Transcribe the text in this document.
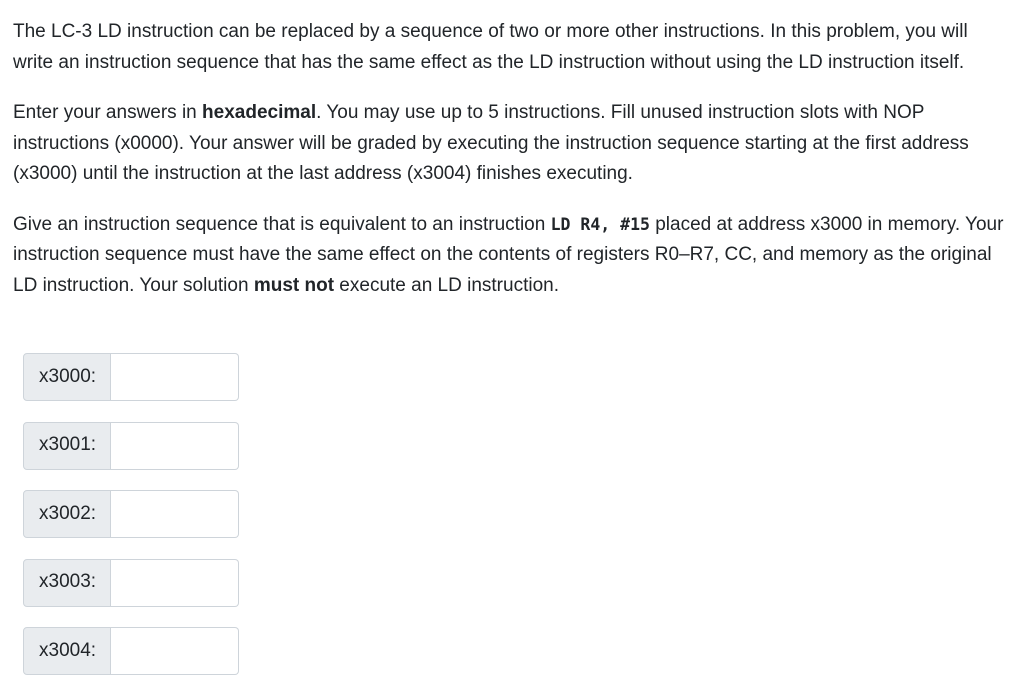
The LC-3 LD instruction can be replaced by a sequence of two or more other instructions. In this problem, you will write an instruction sequence that has the same effect as the LD instruction without using the LD instruction itself.

Enter your answers in hexadecimal. You may use up to 5 instructions. Fill unused instruction slots with NOP instructions (x0000). Your answer will be graded by executing the instruction sequence starting at the first address (x3000) until the instruction at the last address (x3004) finishes executing.

Give an instruction sequence that is equivalent to an instruction LD R4, #15 placed at address x3000 in memory. Your instruction sequence must have the same effect on the contents of registers R0–R7, CC, and memory as the original LD instruction. Your solution must not execute an LD instruction.

x3000:
x3001:
x3002:
x3003:
x3004:
